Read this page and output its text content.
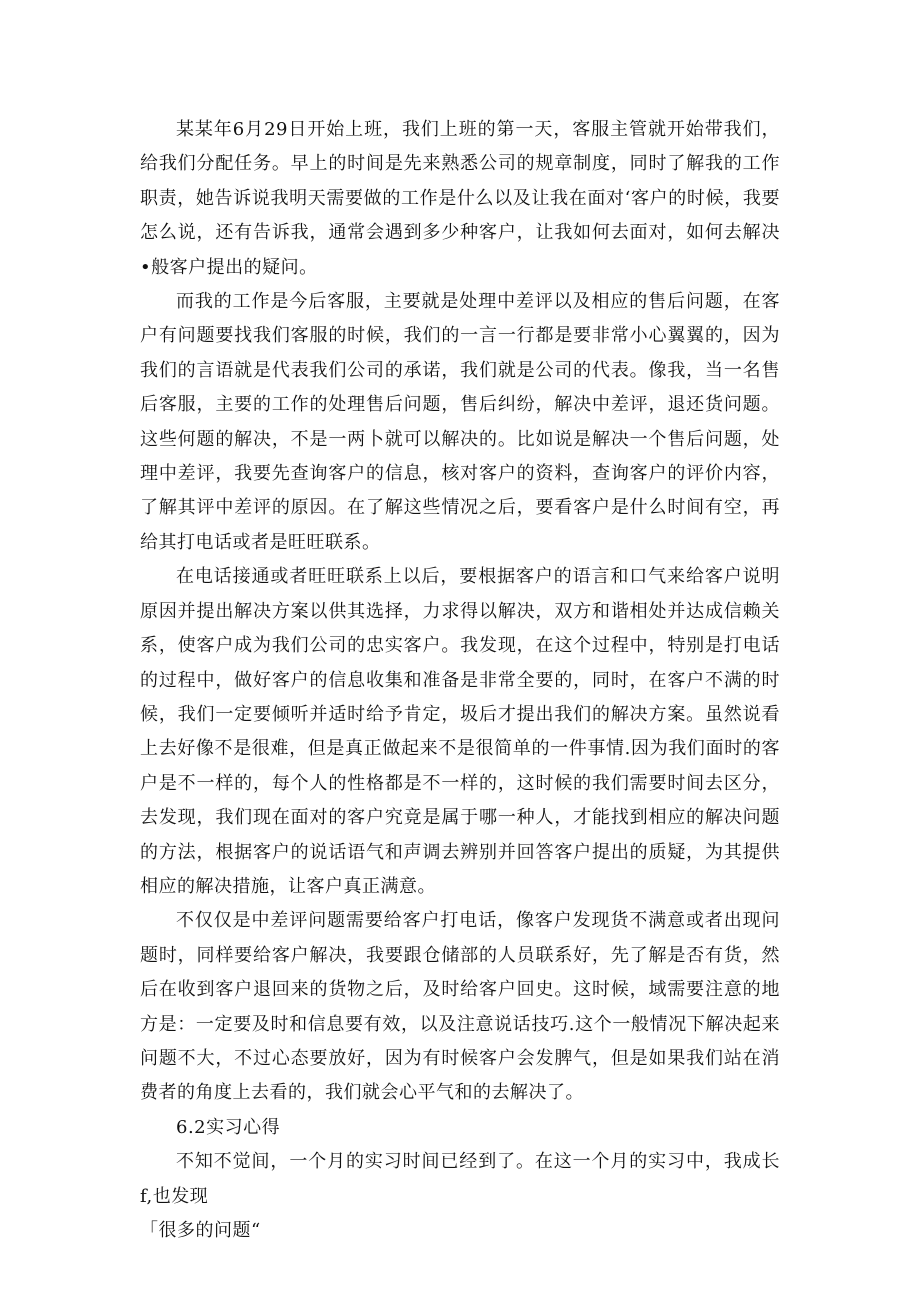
某某年6月29日开始上班，我们上班的第一天，客服主管就开始带我们，给我们分配任务。早上的时间是先来熟悉公司的规章制度，同时了解我的工作职责，她告诉说我明天需要做的工作是什么以及让我在面对‘客户的时候，我要怎么说，还有告诉我，通常会遇到多少种客户，让我如何去面对，如何去解决•般客户提出的疑问。

而我的工作是今后客服，主要就是处理中差评以及相应的售后问题，在客户有问题要找我们客服的时候，我们的一言一行都是要非常小心翼翼的，因为我们的言语就是代表我们公司的承诺，我们就是公司的代表。像我，当一名售后客服，主要的工作的处理售后问题，售后纠纷，解决中差评，退还货问题。这些何题的解决，不是一两卜就可以解决的。比如说是解决一个售后问题，处理中差评，我要先查询客户的信息，核对客户的资料，查询客户的评价内容，了解其评中差评的原因。在了解这些情况之后，要看客户是什么时间有空，再给其打电话或者是旺旺联系。

在电话接通或者旺旺联系上以后，要根据客户的语言和口气来给客户说明原因并提出解决方案以供其选择，力求得以解决，双方和谐相处并达成信赖关系，使客户成为我们公司的忠实客户。我发现，在这个过程中，特别是打电话的过程中，做好客户的信息收集和准备是非常全要的，同时，在客户不满的时候，我们一定要倾听并适时给予肯定，圾后才提出我们的解决方案。虽然说看上去好像不是很难，但是真正做起来不是很简单的一件事情.因为我们面时的客户是不一样的，每个人的性格都是不一样的，这时候的我们需要时间去区分，去发现，我们现在面对的客户究竟是属于哪一种人，才能找到相应的解决问题的方法，根据客户的说话语气和声调去辨别并回答客户提出的质疑，为其提供相应的解决措施，让客户真正满意。

不仅仅是中差评问题需要给客户打电话，像客户发现货不满意或者出现问题时，同样要给客户解决，我要跟仓储部的人员联系好，先了解是否有货，然后在收到客户退回来的货物之后，及时给客户回史。这时候，域需要注意的地方是：一定要及时和信息要有效，以及注意说话技巧.这个一般情况下解决起来问题不大，不过心态要放好，因为有时候客户会发脾气，但是如果我们站在消费者的角度上去看的，我们就会心平气和的去解决了。

6.2实习心得

不知不觉间，一个月的实习时间已经到了。在这一个月的实习中，我成长f,也发现

「很多的问题“
